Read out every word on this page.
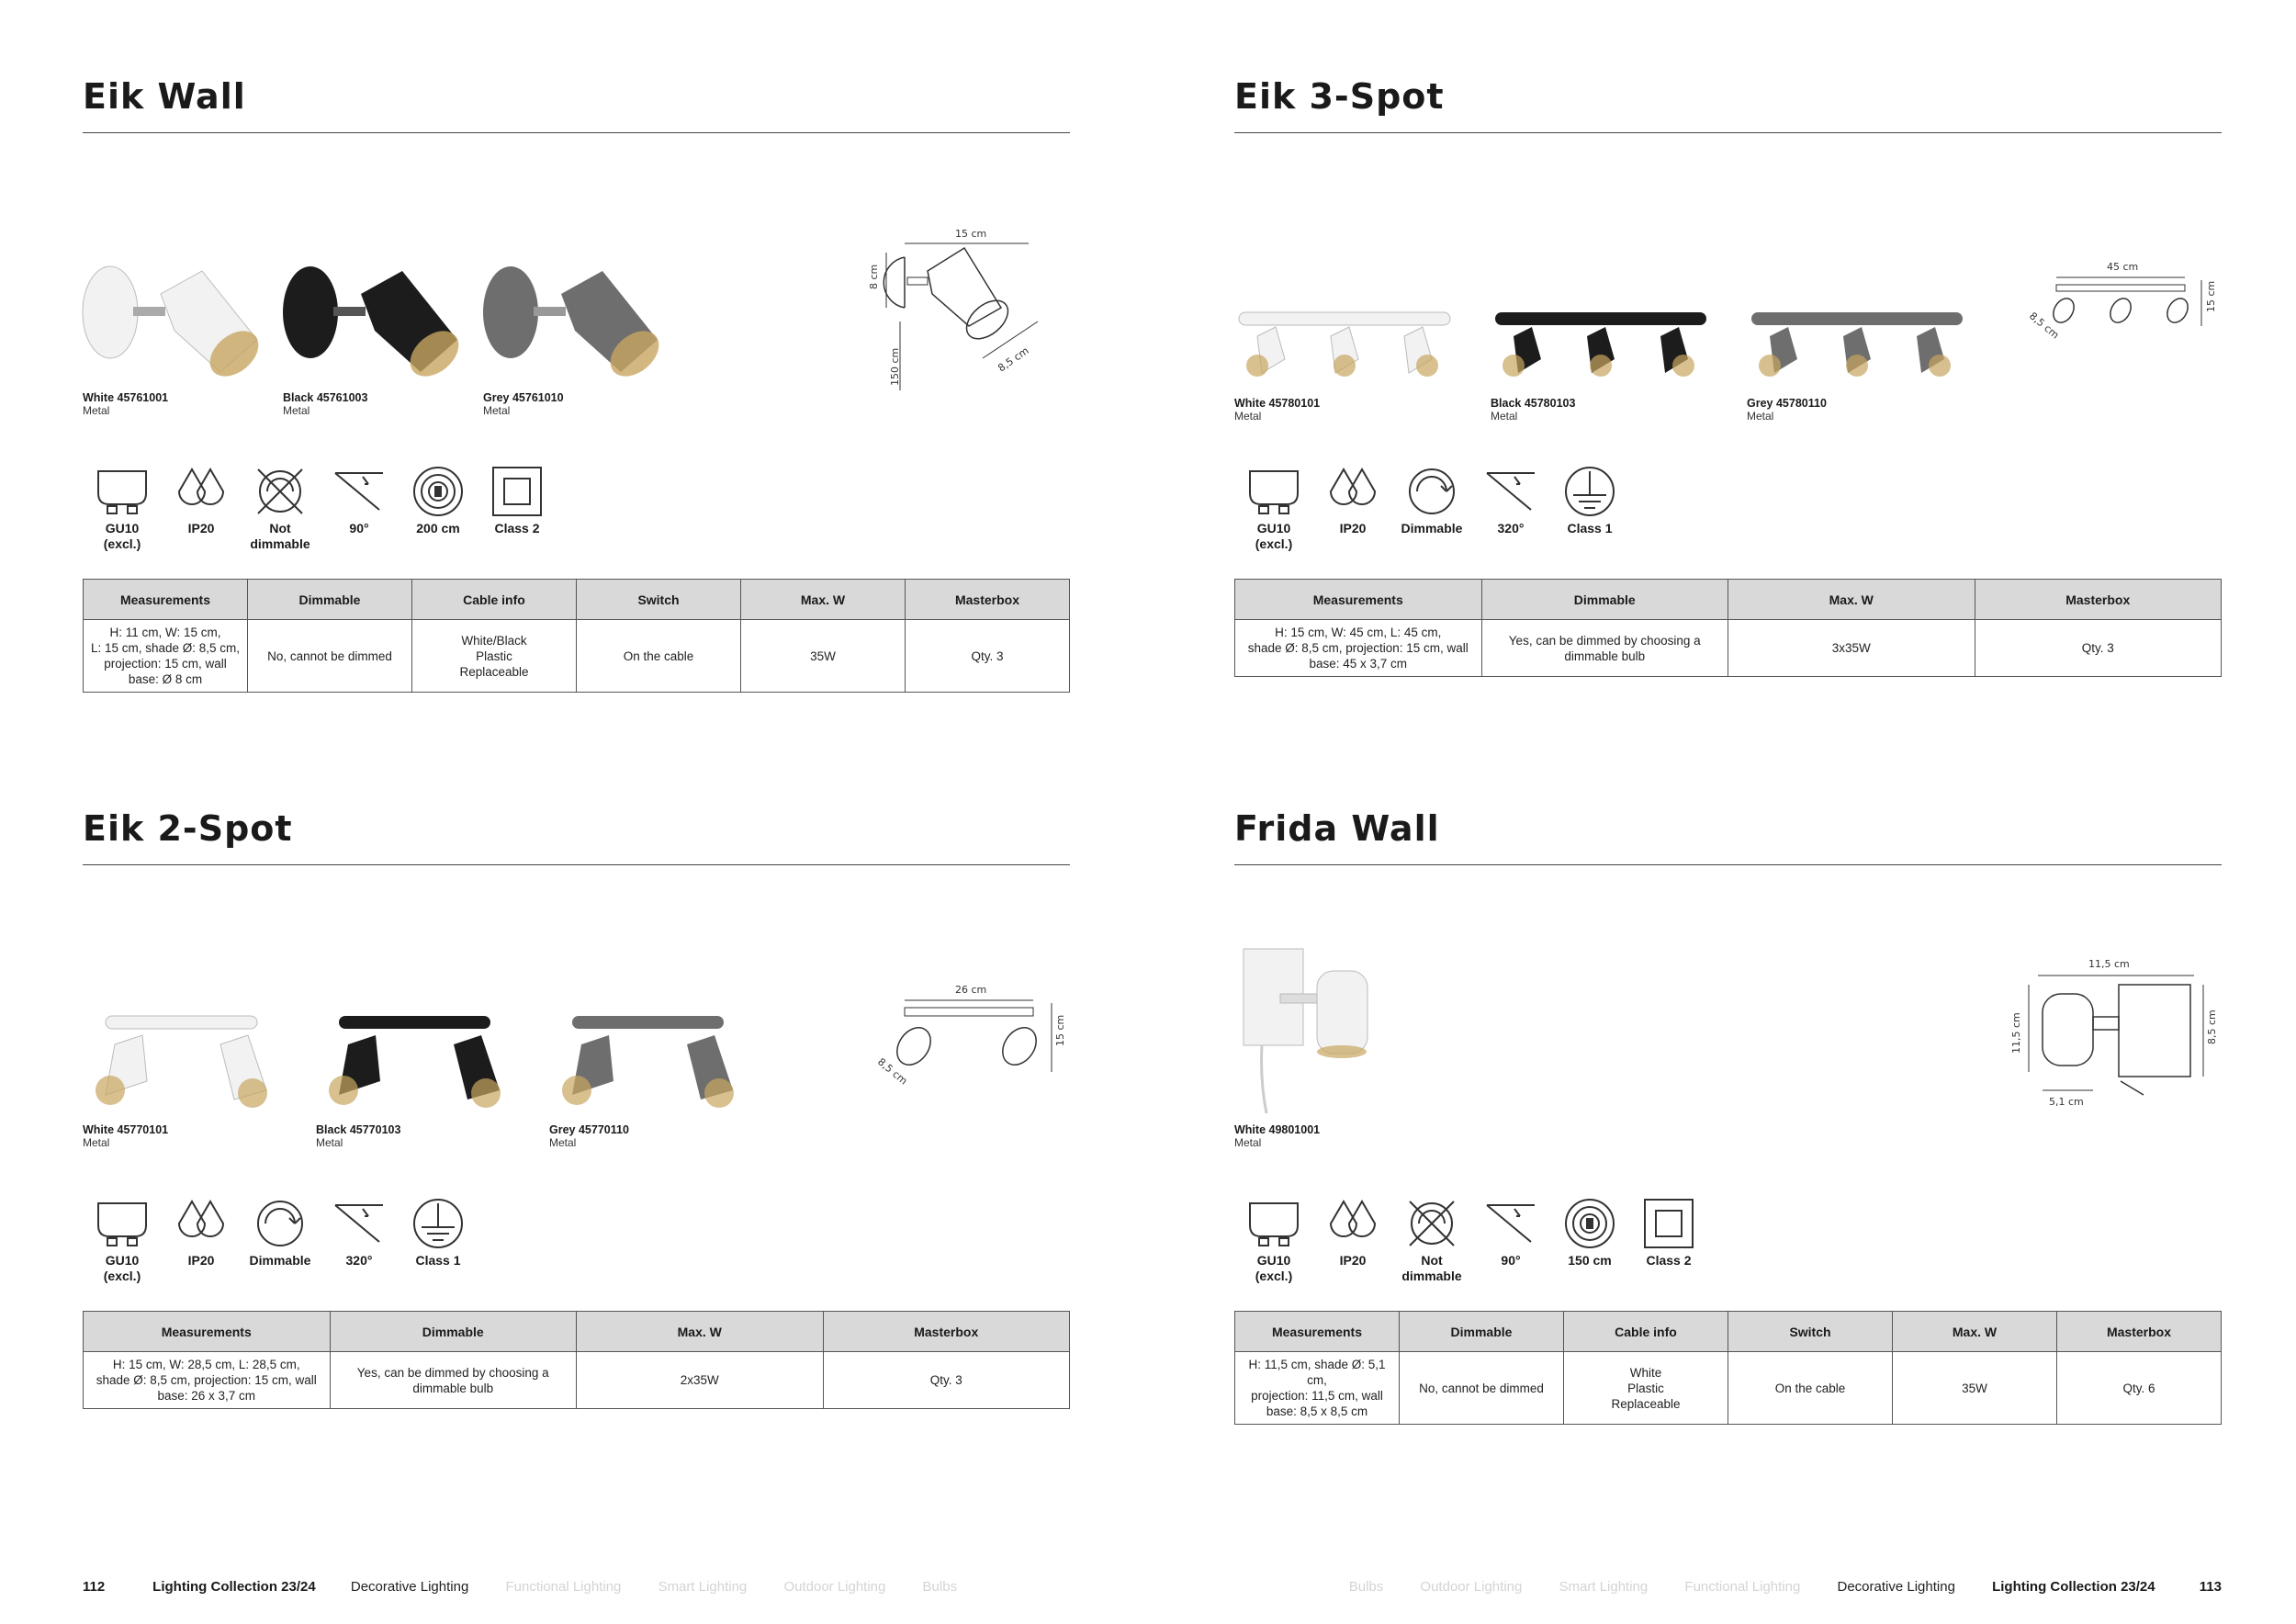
Eik Wall
White 45761001
Metal
Black 45761003
Metal
Grey 45761010
Metal
15 cm
8 cm
150 cm	8,5 cm
GU10
(excl.)
IP20	Not
dimmable
90°	200 cm	Class 2
Measurements	Dimmable	Cable info	Switch	Max. W	Masterbox
H: 11 cm, W: 15 cm,
L: 15 cm, shade Ø: 8,5 cm,
projection: 15 cm, wall
base: Ø 8 cm	No, cannot be dimmed	White/Black
Plastic
Replaceable	On the cable	35W	Qty. 3
Eik 3-Spot
White 45780101
Metal
Black 45780103
Metal
Grey 45780110
Metal
45 cm
15 cm
8,5 cm
GU10
(excl.)
IP20	Dimmable	320°	Class 1
Measurements	Dimmable	Max. W	Masterbox
H: 15 cm, W: 45 cm, L: 45 cm,
shade Ø: 8,5 cm, projection: 15 cm, wall
base: 45 x 3,7 cm	Yes, can be dimmed by choosing a
dimmable bulb	3x35W	Qty. 3
Eik 2-Spot
White 45770101
Metal
Black 45770103
Metal
Grey 45770110
Metal
26 cm
15 cm
8,5 cm
GU10
(excl.)
IP20	Dimmable	320°	Class 1
Measurements	Dimmable	Max. W	Masterbox
H: 15 cm, W: 28,5 cm, L: 28,5 cm,
shade Ø: 8,5 cm, projection: 15 cm, wall
base: 26 x 3,7 cm	Yes, can be dimmed by choosing a
dimmable bulb	2x35W	Qty. 3
Frida Wall
White 49801001
Metal
11,5 cm
11,5 cm	8,5 cm
5,1 cm
GU10
(excl.)
IP20	Not
dimmable
90°	150 cm	Class 2
Measurements	Dimmable	Cable info	Switch	Max. W	Masterbox
H: 11,5 cm, shade Ø: 5,1 cm,
projection: 11,5 cm, wall
base: 8,5 x 8,5 cm	No, cannot be dimmed	White
Plastic
Replaceable	On the cable	35W	Qty. 6
112	Lighting Collection 23/24	Decorative Lighting	Functional Lighting	Smart Lighting	Outdoor Lighting	Bulbs	Bulbs	Outdoor Lighting	Smart Lighting	Functional Lighting	Decorative Lighting	Lighting Collection 23/24	113
